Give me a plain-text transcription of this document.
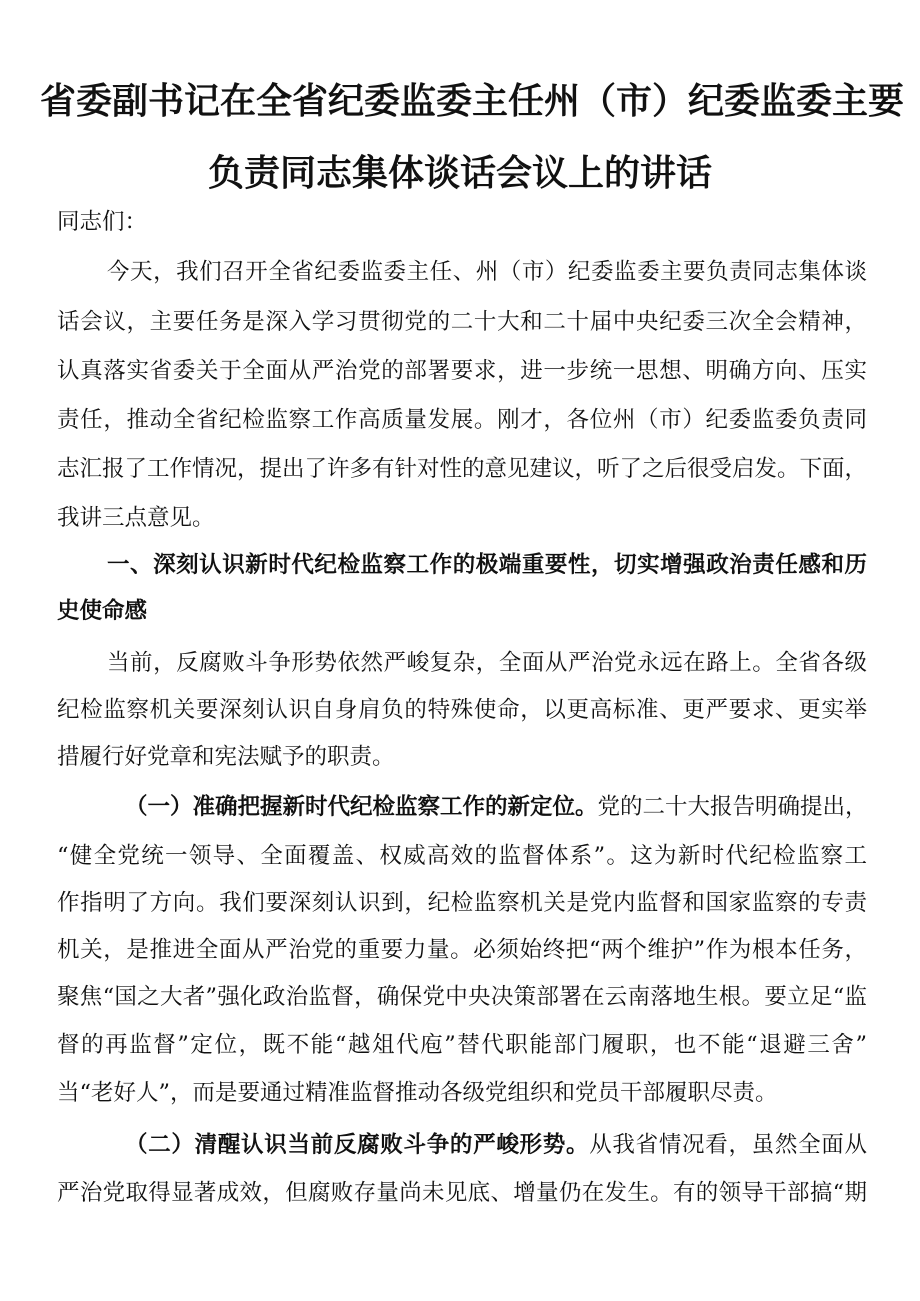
省委副书记在全省纪委监委主任州（市）纪委监委主要
负责同志集体谈话会议上的讲话
同志们：
今天，我们召开全省纪委监委主任、州（市）纪委监委主要负责同志集体谈
话会议，主要任务是深入学习贯彻党的二十大和二十届中央纪委三次全会精神，
认真落实省委关于全面从严治党的部署要求，进一步统一思想、明确方向、压实
责任，推动全省纪检监察工作高质量发展。刚才，各位州（市）纪委监委负责同
志汇报了工作情况，提出了许多有针对性的意见建议，听了之后很受启发。下面，
我讲三点意见。
一、深刻认识新时代纪检监察工作的极端重要性，切实增强政治责任感和历
史使命感
当前，反腐败斗争形势依然严峻复杂，全面从严治党永远在路上。全省各级
纪检监察机关要深刻认识自身肩负的特殊使命，以更高标准、更严要求、更实举
措履行好党章和宪法赋予的职责。
（一）准确把握新时代纪检监察工作的新定位。党的二十大报告明确提出，
“健全党统一领导、全面覆盖、权威高效的监督体系”。这为新时代纪检监察工
作指明了方向。我们要深刻认识到，纪检监察机关是党内监督和国家监察的专责
机关，是推进全面从严治党的重要力量。必须始终把“两个维护”作为根本任务，
聚焦“国之大者”强化政治监督，确保党中央决策部署在云南落地生根。要立足“监
督的再监督”定位，既不能“越俎代庖”替代职能部门履职，也不能“退避三舍”
当“老好人”，而是要通过精准监督推动各级党组织和党员干部履职尽责。
（二）清醒认识当前反腐败斗争的严峻形势。从我省情况看，虽然全面从
严治党取得显著成效，但腐败存量尚未见底、增量仍在发生。有的领导干部搞“期
